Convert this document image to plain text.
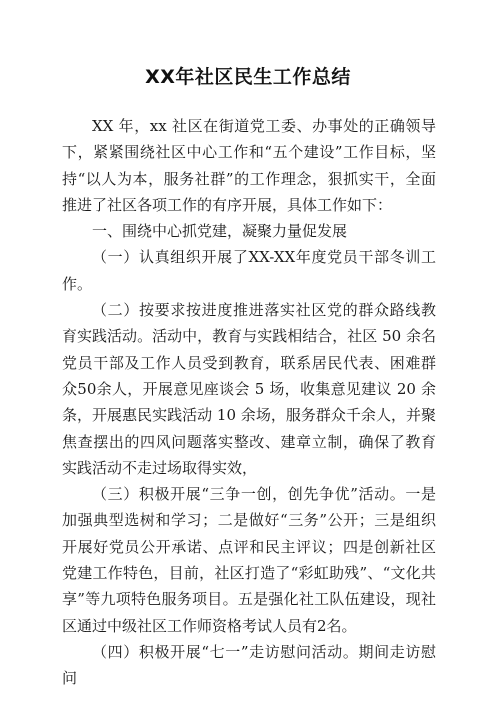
XX年社区民生工作总结

XX 年，xx 社区在街道党工委、办事处的正确领导下，紧紧围绕社区中心工作和“五个建设”工作目标，坚持“以人为本，服务社群”的工作理念，狠抓实干，全面推进了社区各项工作的有序开展，具体工作如下：

一、围绕中心抓党建，凝聚力量促发展

（一）认真组织开展了XX-XX年度党员干部冬训工作。

（二）按要求按进度推进落实社区党的群众路线教育实践活动。活动中，教育与实践相结合，社区 50 余名党员干部及工作人员受到教育，联系居民代表、困难群众50余人，开展意见座谈会 5 场，收集意见建议 20 余条，开展惠民实践活动 10 余场，服务群众千余人，并聚焦查摆出的四风问题落实整改、建章立制，确保了教育实践活动不走过场取得实效，

（三）积极开展“三争一创，创先争优”活动。一是加强典型选树和学习；二是做好“三务”公开；三是组织开展好党员公开承诺、点评和民主评议；四是创新社区党建工作特色，目前，社区打造了“彩虹助残”、“文化共享”等九项特色服务项目。五是强化社工队伍建设，现社区通过中级社区工作师资格考试人员有2名。

（四）积极开展“七一”走访慰问活动。期间走访慰问
